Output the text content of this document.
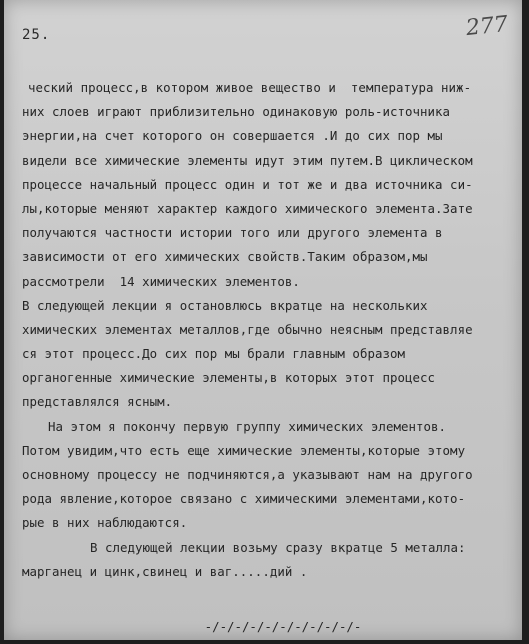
25.	277
ческий процесс,в котором живое вещество и  температура ниж-
них слоев играют приблизительно одинаковую роль-источника
энергии,на счет которого он совершается .И до сих пор мы
видели все химические элементы идут этим путем.В циклическом
процессе начальный процесс один и тот же и два источника си-
лы,которые меняют характер каждого химического элемента.Зате
получаются частности истории того или другого элемента в
зависимости от его химических свойств.Таким образом,мы
рассмотрели  14 химических элементов.
В следующей лекции я остановлюсь вкратце на нескольких
химических элементах металлов,где обычно неясным представляе
ся этот процесс.До сих пор мы брали главным образом
органогенные химические элементы,в которых этот процесс
представлялся ясным.
На этом я покончу первую группу химических элементов.
Потом увидим,что есть еще химические элементы,которые этому
основному процессу не подчиняются,а указывают нам на другого
рода явление,которое связано с химическими элементами,кото-
рые в них наблюдаются.
В следующей лекции возьму сразу вкратце 5 металла:
марганец и цинк,свинец и ваг.....дий .
-/-/-/-/-/-/-/-/-/-/-
